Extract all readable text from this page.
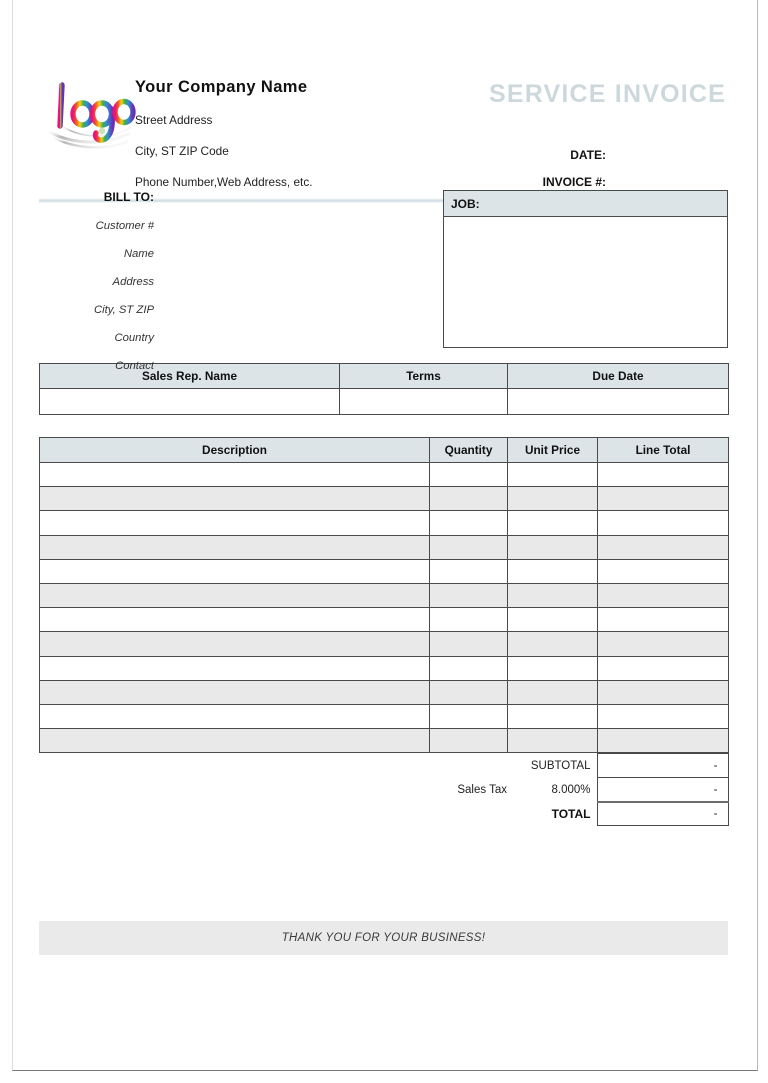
Your Company Name
Street Address
City, ST ZIP Code
Phone Number,Web Address, etc.
SERVICE INVOICE
DATE:
INVOICE #:
BILL TO:
Customer #
Name
Address
City, ST ZIP
Country
Contact
JOB:
Sales Rep. Name	Terms	Due Date

Description	Quantity	Unit Price	Line Total

		SUBTOTAL	-
	Sales Tax	8.000%	-
		TOTAL	-
THANK YOU FOR YOUR BUSINESS!
